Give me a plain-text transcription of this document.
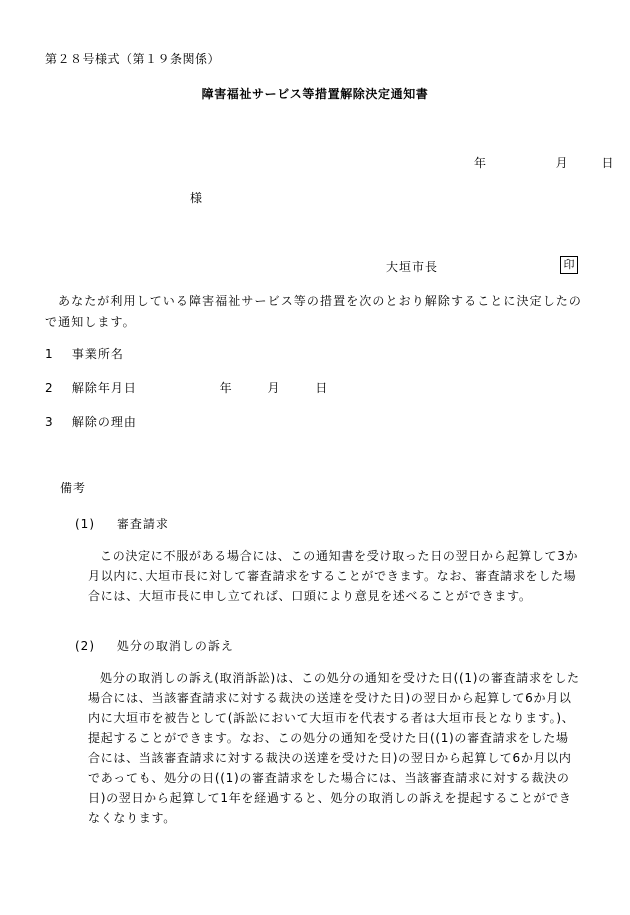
第２８号様式（第１９条関係）
障害福祉サービス等措置解除決定通知書
年	月	日
様
大垣市長	印
あなたが利用している障害福祉サービス等の措置を次のとおり解除することに決定したので通知します。
1 事業所名
2 解除年月日	年	月	日
3 解除の理由
備考
(1) 審査請求
この決定に不服がある場合には、この通知書を受け取った日の翌日から起算して3か月以内に､大垣市長に対して審査請求をすることができます。なお、審査請求をした場合には、大垣市長に申し立てれば、口頭により意見を述べることができます。
(2) 処分の取消しの訴え
処分の取消しの訴え(取消訴訟)は、この処分の通知を受けた日((1)の審査請求をした場合には、当該審査請求に対する裁決の送達を受けた日)の翌日から起算して6か月以内に大垣市を被告として(訴訟において大垣市を代表する者は大垣市長となります。)、提起することができます。なお、この処分の通知を受けた日((1)の審査請求をした場合には、当該審査請求に対する裁決の送達を受けた日)の翌日から起算して6か月以内であっても、処分の日((1)の審査請求をした場合には、当該審査請求に対する裁決の日)の翌日から起算して1年を経過すると、処分の取消しの訴えを提起することができなくなります。
